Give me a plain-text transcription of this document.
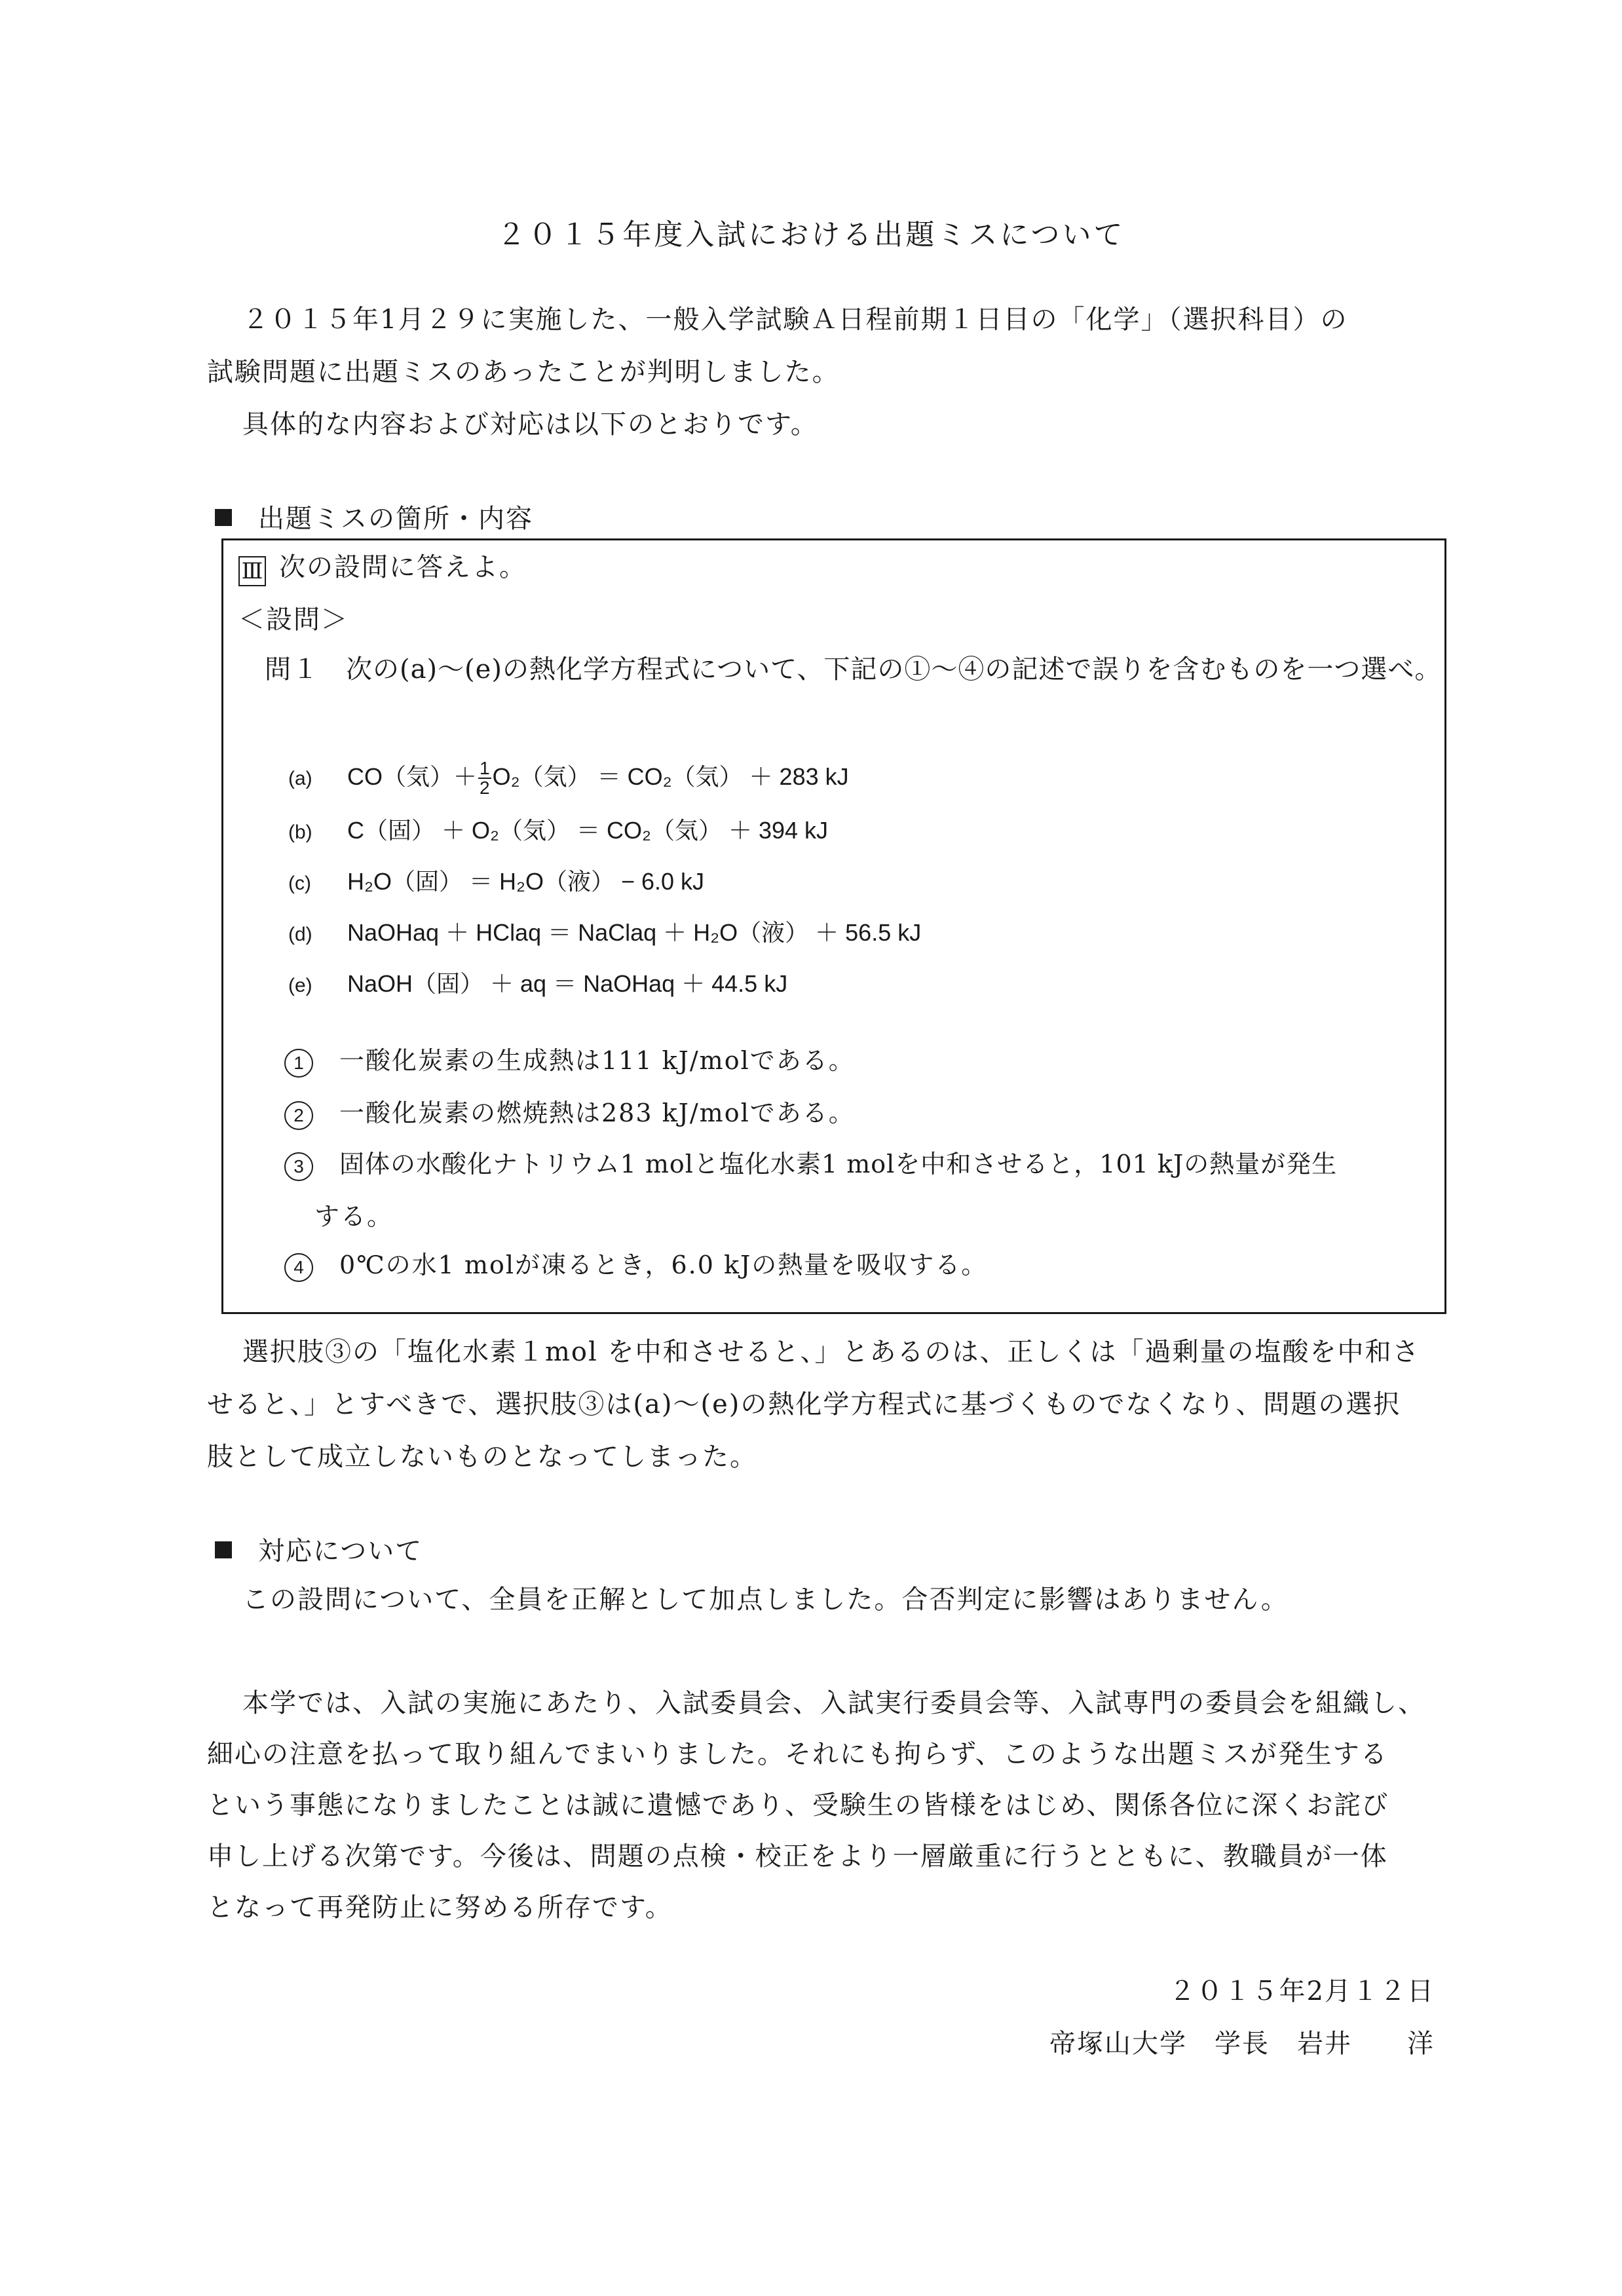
２０１５年度入試における出題ミスについて
２０１５年1月２９に実施した、一般入学試験Ａ日程前期１日目の「化学」（選択科目）の
試験問題に出題ミスのあったことが判明しました。
具体的な内容および対応は以下のとおりです。
出題ミスの箇所・内容
Ⅲ 次の設問に答えよ。
＜設問＞
問１ 次の(a)～(e)の熱化学方程式について、下記の①～④の記述で誤りを含むものを一つ選べ。
(a) CO（気）＋ $\frac{1}{2} O_2$（気） ＝ CO₂（気） ＋ 283 kJ
(b) C（固） ＋ O₂（気） ＝ CO₂（気） ＋ 394 kJ
(c) H₂O（固） ＝ H₂O（液） − 6.0 kJ
(d) NaOHaq ＋ HClaq ＝ NaClaq ＋ H₂O（液） ＋ 56.5 kJ
(e) NaOH（固） ＋ aq ＝ NaOHaq ＋ 44.5 kJ
1 一酸化炭素の生成熱は111 kJ/molである。
2 一酸化炭素の燃焼熱は283 kJ/molである。
3 固体の水酸化ナトリウム1 molと塩化水素1 molを中和させると，101 kJの熱量が発生
する。
4 0℃の水1 molが凍るとき，6.0 kJの熱量を吸収する。
選択肢③の「塩化水素１mol を中和させると、」とあるのは、正しくは「過剰量の塩酸を中和さ
せると、」とすべきで、選択肢③は(a)～(e)の熱化学方程式に基づくものでなくなり、問題の選択
肢として成立しないものとなってしまった。
対応について
この設問について、全員を正解として加点しました。合否判定に影響はありません。
本学では、入試の実施にあたり、入試委員会、入試実行委員会等、入試専門の委員会を組織し、
細心の注意を払って取り組んでまいりました。それにも拘らず、このような出題ミスが発生する
という事態になりましたことは誠に遺憾であり、受験生の皆様をはじめ、関係各位に深くお詫び
申し上げる次第です。今後は、問題の点検・校正をより一層厳重に行うとともに、教職員が一体
となって再発防止に努める所存です。
２０１５年2月１２日
帝塚山大学　学長　岩井　　洋
